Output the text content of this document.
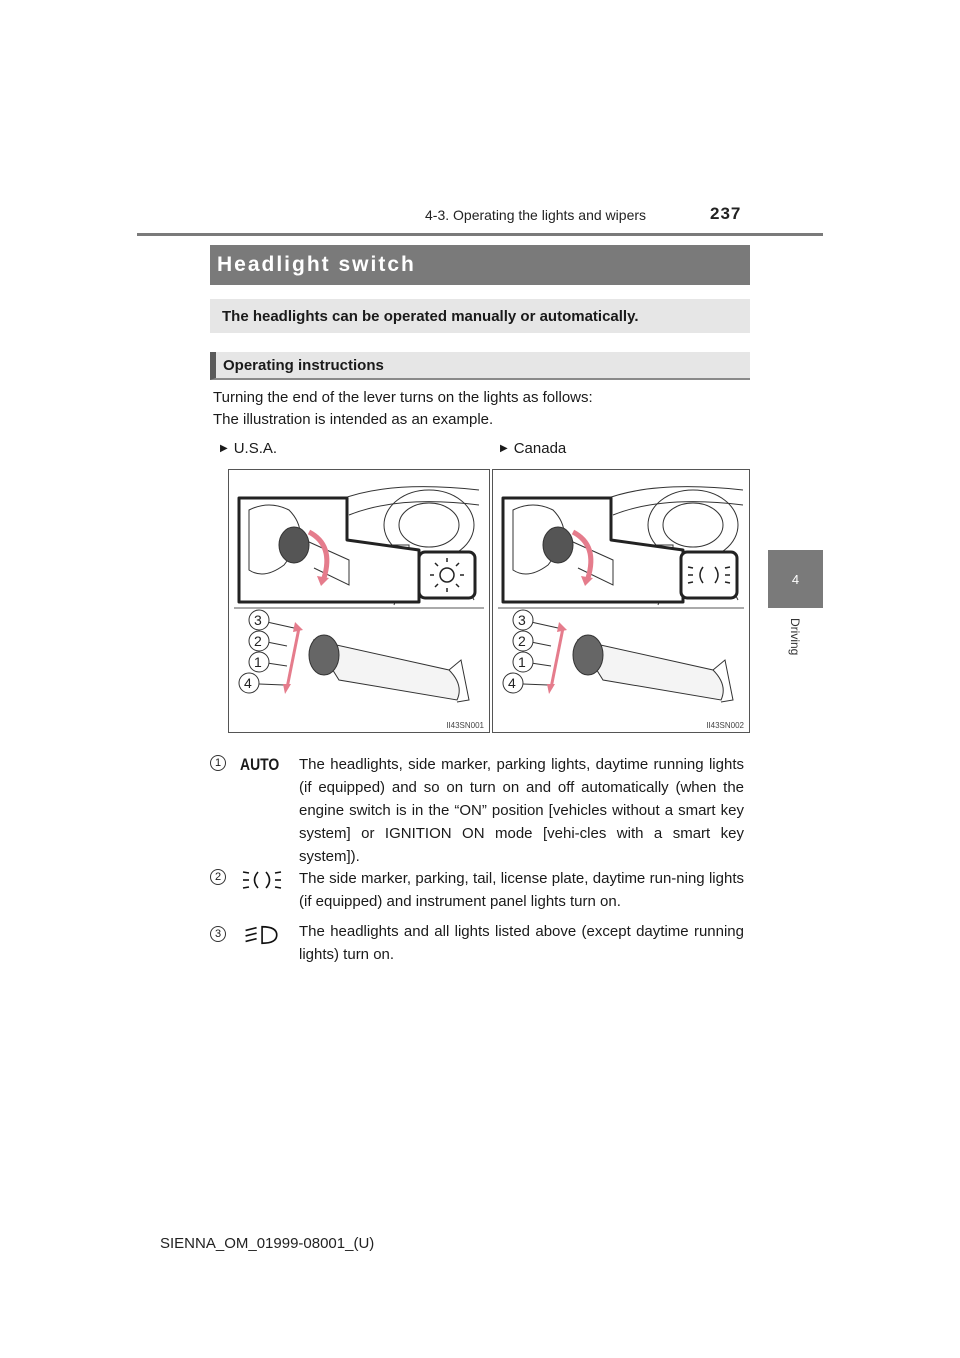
4-3. Operating the lights and wipers	237
4
Driving
Headlight switch
The headlights can be operated manually or automatically.
Operating instructions
Turning the end of the lever turns on the lights as follows:
The illustration is intended as an example.
▶ U.S.A.	▶ Canada
3
2
1
4
II43SN001
3
2
1
4
II43SN002
1 AUTO The headlights, side marker, parking lights, daytime running lights (if equipped) and so on turn on and off automatically (when the engine switch is in the “ON” position [vehicles without a smart key system] or IGNITION ON mode [vehi-cles with a smart key system]).
2	The side marker, parking, tail, license plate, daytime run-ning lights (if equipped) and instrument panel lights turn on.
3	The headlights and all lights listed above (except daytime running lights) turn on.
SIENNA_OM_01999-08001_(U)
